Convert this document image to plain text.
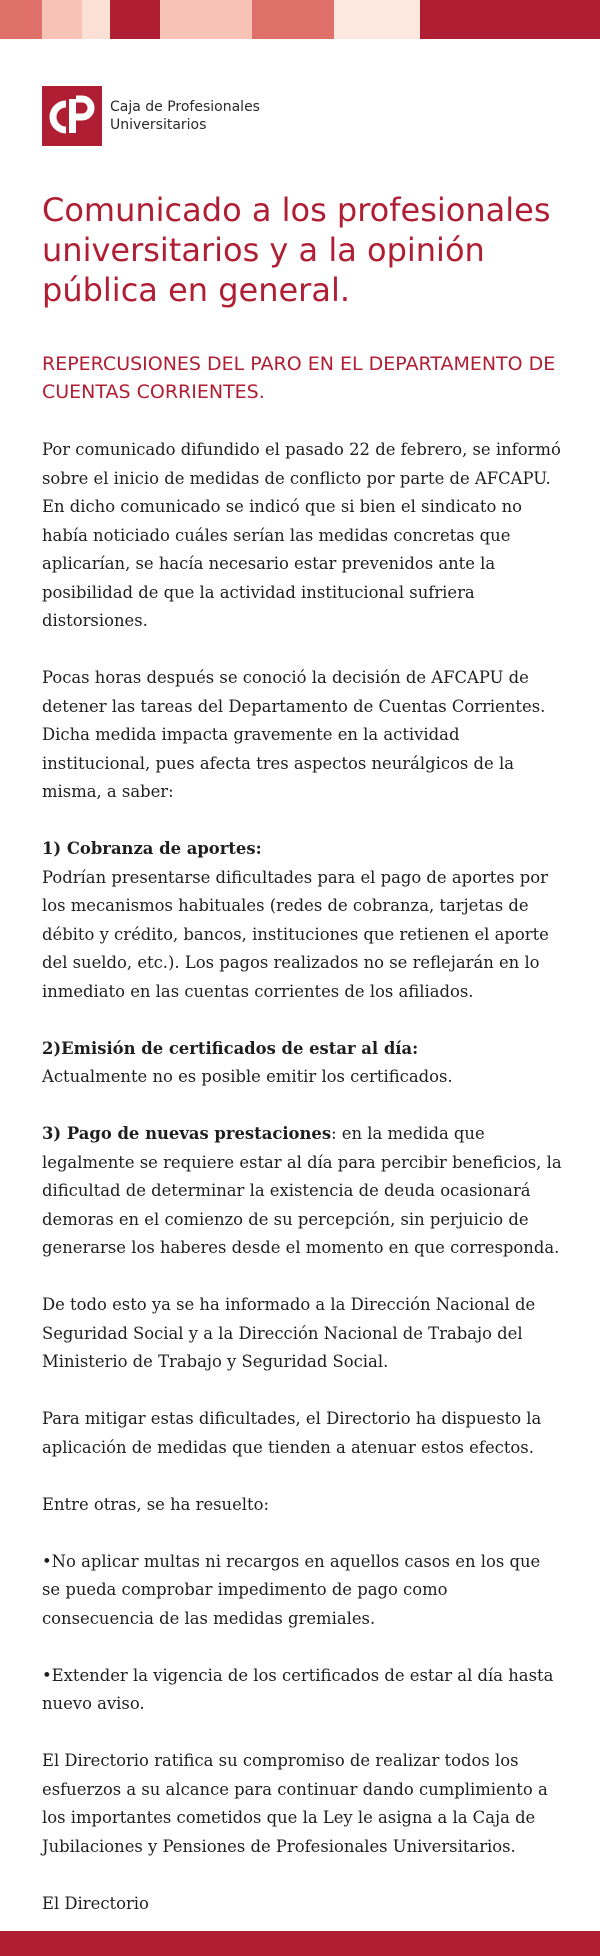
Caja de Profesionales
Universitarios
Comunicado a los profesionales universitarios y a la opinión pública en general.
REPERCUSIONES DEL PARO EN EL DEPARTAMENTO DE CUENTAS CORRIENTES.

Por comunicado difundido el pasado 22 de febrero, se informó sobre el inicio de medidas de conflicto por parte de AFCAPU. En dicho comunicado se indicó que si bien el sindicato no había noticiado cuáles serían las medidas concretas que aplicarían, se hacía necesario estar prevenidos ante la posibilidad de que la actividad institucional sufriera distorsiones.

Pocas horas después se conoció la decisión de AFCAPU de detener las tareas del Departamento de Cuentas Corrientes. Dicha medida impacta gravemente en la actividad institucional, pues afecta tres aspectos neurálgicos de la misma, a saber:

1) Cobranza de aportes:
Podrían presentarse dificultades para el pago de aportes por los mecanismos habituales (redes de cobranza, tarjetas de débito y crédito, bancos, instituciones que retienen el aporte del sueldo, etc.). Los pagos realizados no se reflejarán en lo inmediato en las cuentas corrientes de los afiliados.

2)Emisión de certificados de estar al día:
Actualmente no es posible emitir los certificados.

3) Pago de nuevas prestaciones: en la medida que legalmente se requiere estar al día para percibir beneficios, la dificultad de determinar la existencia de deuda ocasionará demoras en el comienzo de su percepción, sin perjuicio de generarse los haberes desde el momento en que corresponda.

De todo esto ya se ha informado a la Dirección Nacional de Seguridad Social y a la Dirección Nacional de Trabajo del Ministerio de Trabajo y Seguridad Social.

Para mitigar estas dificultades, el Directorio ha dispuesto la aplicación de medidas que tienden a atenuar estos efectos.

Entre otras, se ha resuelto:

•No aplicar multas ni recargos en aquellos casos en los que se pueda comprobar impedimento de pago como consecuencia de las medidas gremiales.

•Extender la vigencia de los certificados de estar al día hasta nuevo aviso.

El Directorio ratifica su compromiso de realizar todos los esfuerzos a su alcance para continuar dando cumplimiento a los importantes cometidos que la Ley le asigna a la Caja de Jubilaciones y Pensiones de Profesionales Universitarios.

El Directorio
